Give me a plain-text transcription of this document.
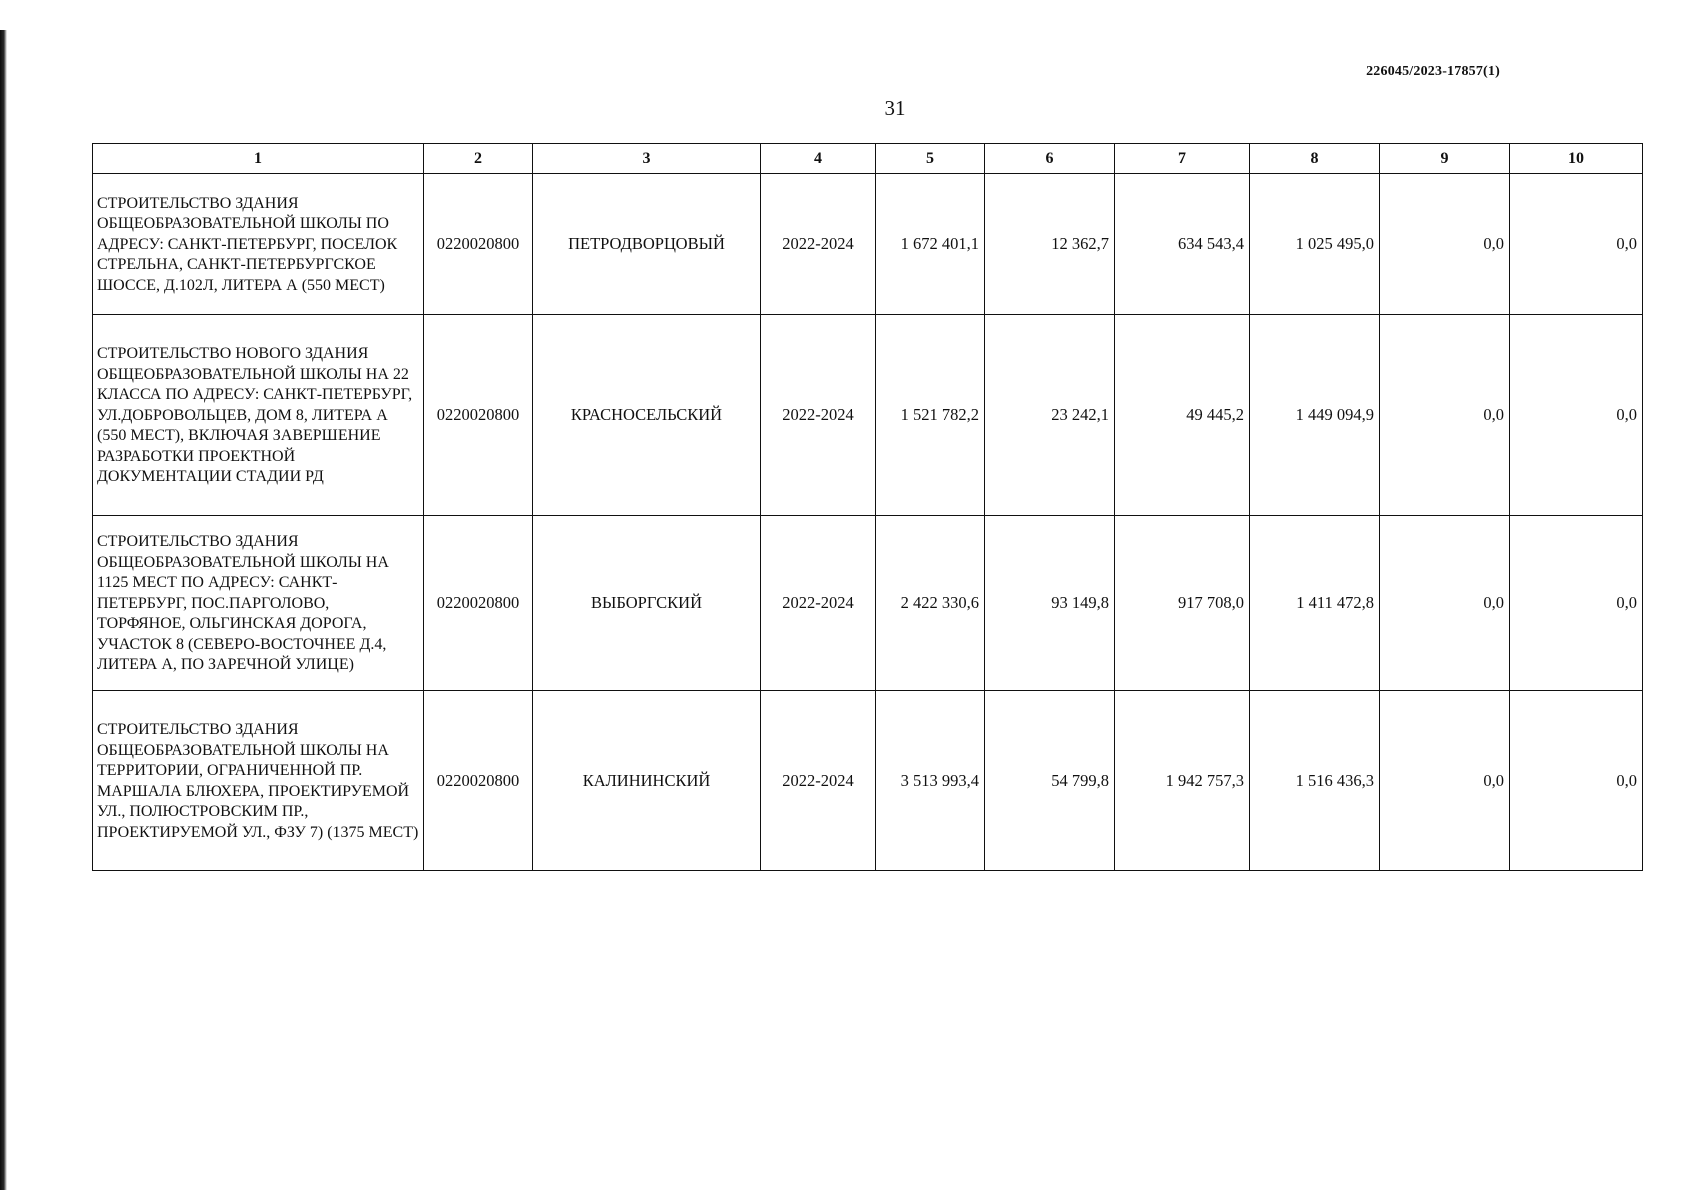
226045/2023-17857(1)
31
1	2	3	4	5	6	7	8	9	10
СТРОИТЕЛЬСТВО ЗДАНИЯ ОБЩЕОБРАЗОВАТЕЛЬНОЙ ШКОЛЫ ПО АДРЕСУ: САНКТ-ПЕТЕРБУРГ, ПОСЕЛОК СТРЕЛЬНА, САНКТ-ПЕТЕРБУРГСКОЕ ШОССЕ, Д.102Л, ЛИТЕРА А (550 МЕСТ)	0220020800	ПЕТРОДВОРЦОВЫЙ	2022-2024	1 672 401,1	12 362,7	634 543,4	1 025 495,0	0,0	0,0
СТРОИТЕЛЬСТВО НОВОГО ЗДАНИЯ ОБЩЕОБРАЗОВАТЕЛЬНОЙ ШКОЛЫ НА 22 КЛАССА ПО АДРЕСУ: САНКТ-ПЕТЕРБУРГ, УЛ.ДОБРОВОЛЬЦЕВ, ДОМ 8, ЛИТЕРА А (550 МЕСТ), ВКЛЮЧАЯ ЗАВЕРШЕНИЕ РАЗРАБОТКИ ПРОЕКТНОЙ ДОКУМЕНТАЦИИ СТАДИИ РД	0220020800	КРАСНОСЕЛЬСКИЙ	2022-2024	1 521 782,2	23 242,1	49 445,2	1 449 094,9	0,0	0,0
СТРОИТЕЛЬСТВО ЗДАНИЯ ОБЩЕОБРАЗОВАТЕЛЬНОЙ ШКОЛЫ НА 1125 МЕСТ ПО АДРЕСУ: САНКТ-ПЕТЕРБУРГ, ПОС.ПАРГОЛОВО, ТОРФЯНОЕ, ОЛЬГИНСКАЯ ДОРОГА, УЧАСТОК 8 (СЕВЕРО-ВОСТОЧНЕЕ Д.4, ЛИТЕРА А, ПО ЗАРЕЧНОЙ УЛИЦЕ)	0220020800	ВЫБОРГСКИЙ	2022-2024	2 422 330,6	93 149,8	917 708,0	1 411 472,8	0,0	0,0
СТРОИТЕЛЬСТВО ЗДАНИЯ ОБЩЕОБРАЗОВАТЕЛЬНОЙ ШКОЛЫ НА ТЕРРИТОРИИ, ОГРАНИЧЕННОЙ ПР. МАРШАЛА БЛЮХЕРА, ПРОЕКТИРУЕМОЙ УЛ., ПОЛЮСТРОВСКИМ ПР., ПРОЕКТИРУЕМОЙ УЛ., ФЗУ 7) (1375 МЕСТ)	0220020800	КАЛИНИНСКИЙ	2022-2024	3 513 993,4	54 799,8	1 942 757,3	1 516 436,3	0,0	0,0
